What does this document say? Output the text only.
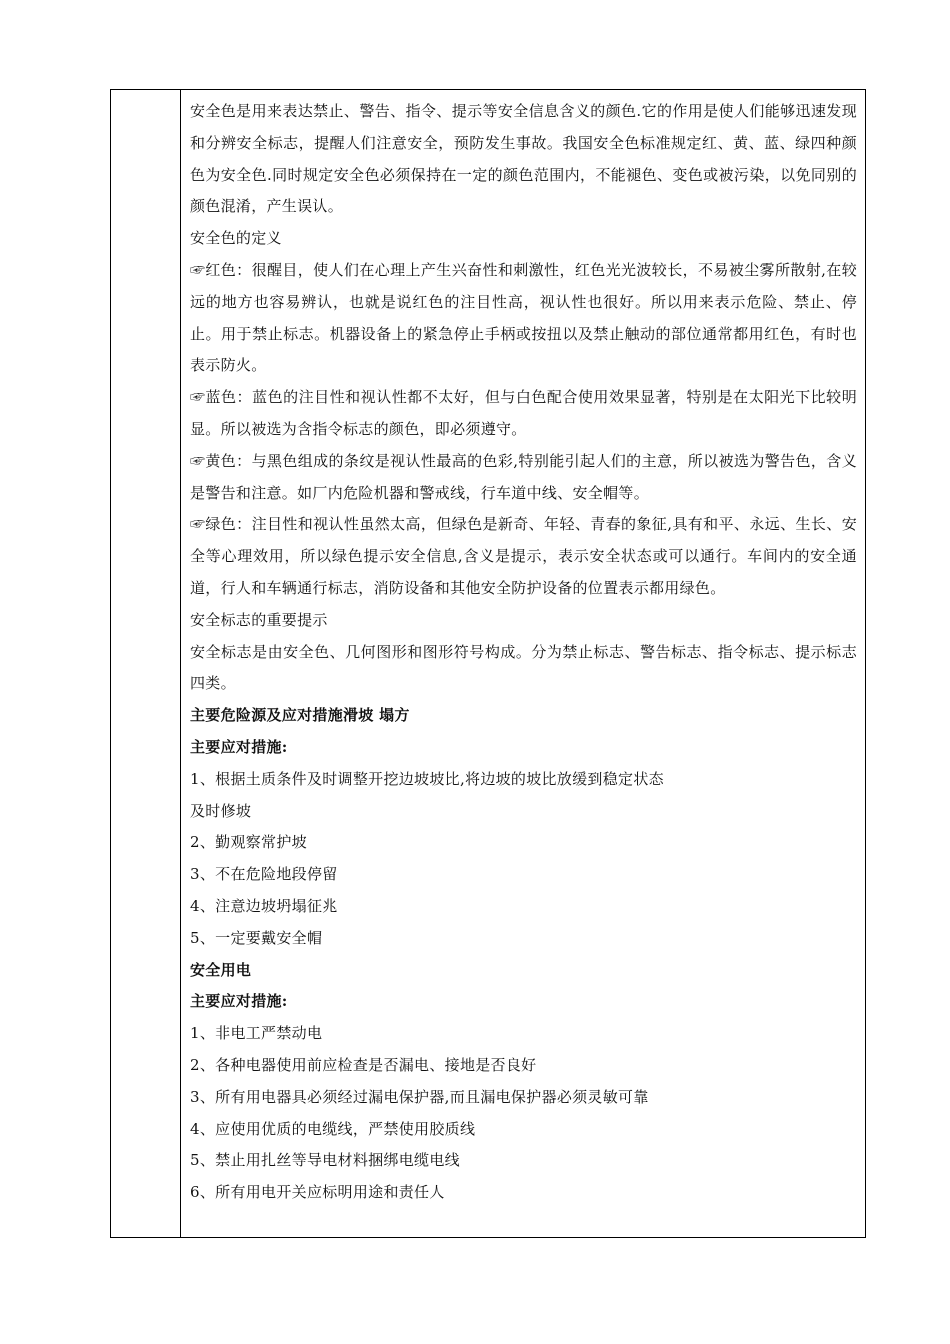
安全色是用来表达禁止、警告、指令、提示等安全信息含义的颜色.它的作用是使人们能够迅速发现和分辨安全标志，提醒人们注意安全，预防发生事故。我国安全色标准规定红、黄、蓝、绿四种颜色为安全色.同时规定安全色必须保持在一定的颜色范围内，不能褪色、变色或被污染，以免同别的颜色混淆，产生误认。

安全色的定义

☞红色：很醒目，使人们在心理上产生兴奋性和刺激性，红色光光波较长，不易被尘雾所散射,在较远的地方也容易辨认，也就是说红色的注目性高，视认性也很好。所以用来表示危险、禁止、停止。用于禁止标志。机器设备上的紧急停止手柄或按扭以及禁止触动的部位通常都用红色，有时也表示防火。

☞蓝色：蓝色的注目性和视认性都不太好，但与白色配合使用效果显著，特别是在太阳光下比较明显。所以被选为含指令标志的颜色，即必须遵守。

☞黄色：与黑色组成的条纹是视认性最高的色彩,特别能引起人们的主意，所以被选为警告色，含义是警告和注意。如厂内危险机器和警戒线，行车道中线、安全帽等。

☞绿色：注目性和视认性虽然太高，但绿色是新奇、年轻、青春的象征,具有和平、永远、生长、安全等心理效用，所以绿色提示安全信息,含义是提示，表示安全状态或可以通行。车间内的安全通道，行人和车辆通行标志，消防设备和其他安全防护设备的位置表示都用绿色。

安全标志的重要提示

安全标志是由安全色、几何图形和图形符号构成。分为禁止标志、警告标志、指令标志、提示标志四类。

主要危险源及应对措施滑坡 塌方

主要应对措施:

1、根据土质条件及时调整开挖边坡坡比,将边坡的坡比放缓到稳定状态

及时修坡

2、勤观察常护坡

3、不在危险地段停留

4、注意边坡坍塌征兆

5、一定要戴安全帽

安全用电

主要应对措施:

1、非电工严禁动电

2、各种电器使用前应检查是否漏电、接地是否良好

3、所有用电器具必须经过漏电保护器,而且漏电保护器必须灵敏可靠

4、应使用优质的电缆线，严禁使用胶质线

5、禁止用扎丝等导电材料捆绑电缆电线

6、所有用电开关应标明用途和责任人
